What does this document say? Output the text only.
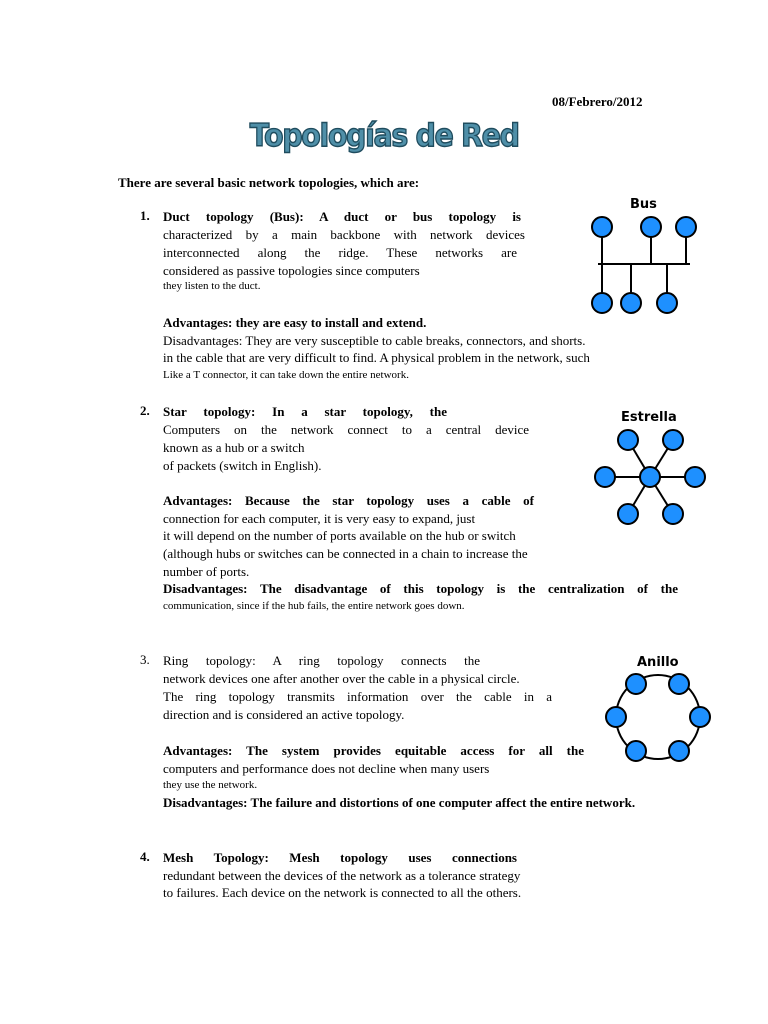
08/Febrero/2012
Topologías de Red
There are several basic network topologies, which are:
1. Duct topology (Bus): A duct or bus topology is
characterized by a main backbone with network devices
interconnected along the ridge. These networks are
considered as passive topologies since computers
they listen to the duct.
Advantages: they are easy to install and extend.
Disadvantages: They are very susceptible to cable breaks, connectors, and shorts.
in the cable that are very difficult to find. A physical problem in the network, such
Like a T connector, it can take down the entire network.
Bus
2. Star topology: In a star topology, the
Computers on the network connect to a central device
known as a hub or a switch
of packets (switch in English).
Advantages: Because the star topology uses a cable of
connection for each computer, it is very easy to expand, just
it will depend on the number of ports available on the hub or switch
(although hubs or switches can be connected in a chain to increase the
number of ports.
Disadvantages: The disadvantage of this topology is the centralization of the
communication, since if the hub fails, the entire network goes down.
Estrella
3. Ring topology: A ring topology connects the
network devices one after another over the cable in a physical circle.
The ring topology transmits information over the cable in a
direction and is considered an active topology.
Advantages: The system provides equitable access for all the
computers and performance does not decline when many users
they use the network.
Disadvantages: The failure and distortions of one computer affect the entire network.
Anillo
4. Mesh Topology: Mesh topology uses connections
redundant between the devices of the network as a tolerance strategy
to failures. Each device on the network is connected to all the others.
